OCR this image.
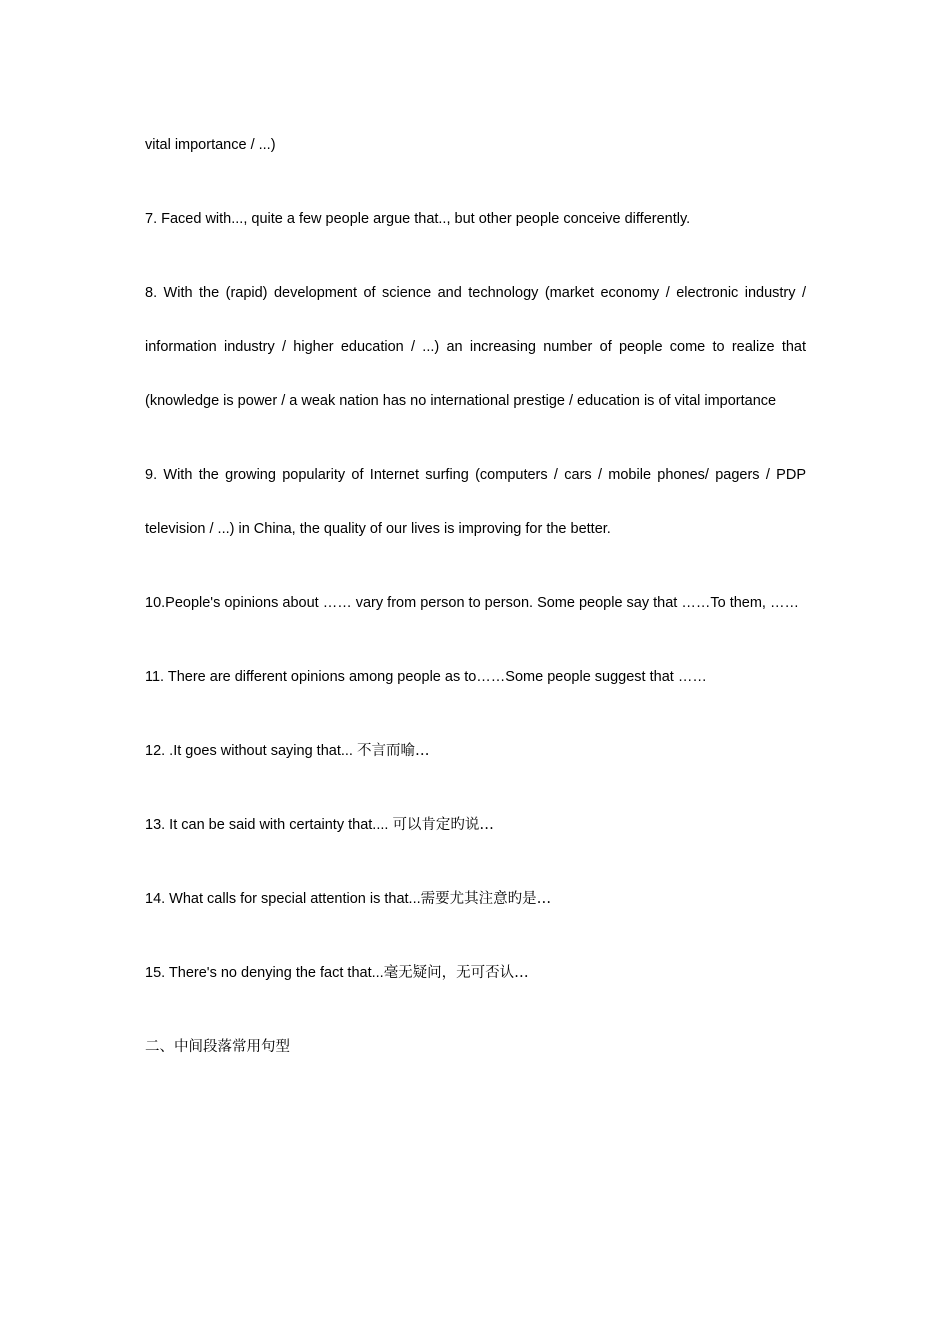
vital importance / ...)

7. Faced with..., quite a few people argue that.., but other people conceive differently.

8. With the (rapid) development of science and technology (market economy / electronic industry / information industry / higher education / ...) an increasing number of people come to realize that (knowledge is power / a weak nation has no international prestige / education is of vital importance

9. With the growing popularity of Internet surfing (computers / cars / mobile phones/ pagers / PDP television / ...) in China, the quality of our lives is improving for the better.

10.People's opinions about …… vary from person to person. Some people say that ……To them, ……

11. There are different opinions among people as to……Some people suggest that ……

12. .It goes without saying that... 不言而喻…

13. It can be said with certainty that.... 可以肯定旳说…

14. What calls for special attention is that...需要尤其注意旳是…

15. There's no denying the fact that...毫无疑问，无可否认…

二、中间段落常用句型
